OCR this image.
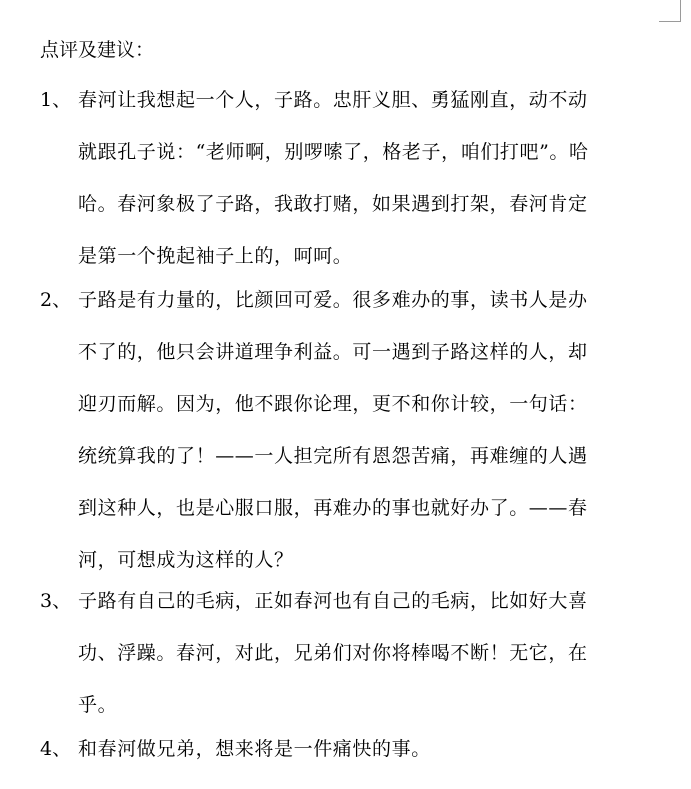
点评及建议：
1、 春河让我想起一个人，子路。忠肝义胆、勇猛刚直，动不动
就跟孔子说：“老师啊，别啰嗦了，格老子，咱们打吧”。哈
哈。春河象极了子路，我敢打赌，如果遇到打架，春河肯定
是第一个挽起袖子上的，呵呵。
2、 子路是有力量的，比颜回可爱。很多难办的事，读书人是办
不了的，他只会讲道理争利益。可一遇到子路这样的人，却
迎刃而解。因为，他不跟你论理，更不和你计较，一句话：
统统算我的了！——一人担完所有恩怨苦痛，再难缠的人遇
到这种人，也是心服口服，再难办的事也就好办了。——春
河，可想成为这样的人？
3、 子路有自己的毛病，正如春河也有自己的毛病，比如好大喜
功、浮躁。春河，对此，兄弟们对你将棒喝不断！无它，在
乎。
4、 和春河做兄弟，想来将是一件痛快的事。
